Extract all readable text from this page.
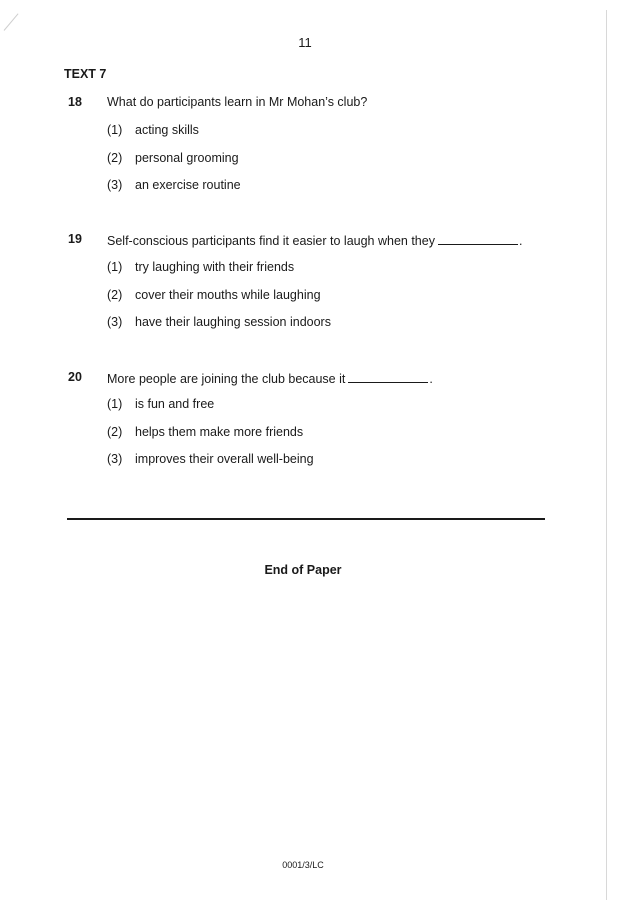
11
TEXT 7
18 What do participants learn in Mr Mohan’s club?
(1) acting skills
(2) personal grooming
(3) an exercise routine
19 Self-conscious participants find it easier to laugh when they	.
(1) try laughing with their friends
(2) cover their mouths while laughing
(3) have their laughing session indoors
20 More people are joining the club because it	.
(1) is fun and free
(2) helps them make more friends
(3) improves their overall well-being
End of Paper
0001/3/LC
